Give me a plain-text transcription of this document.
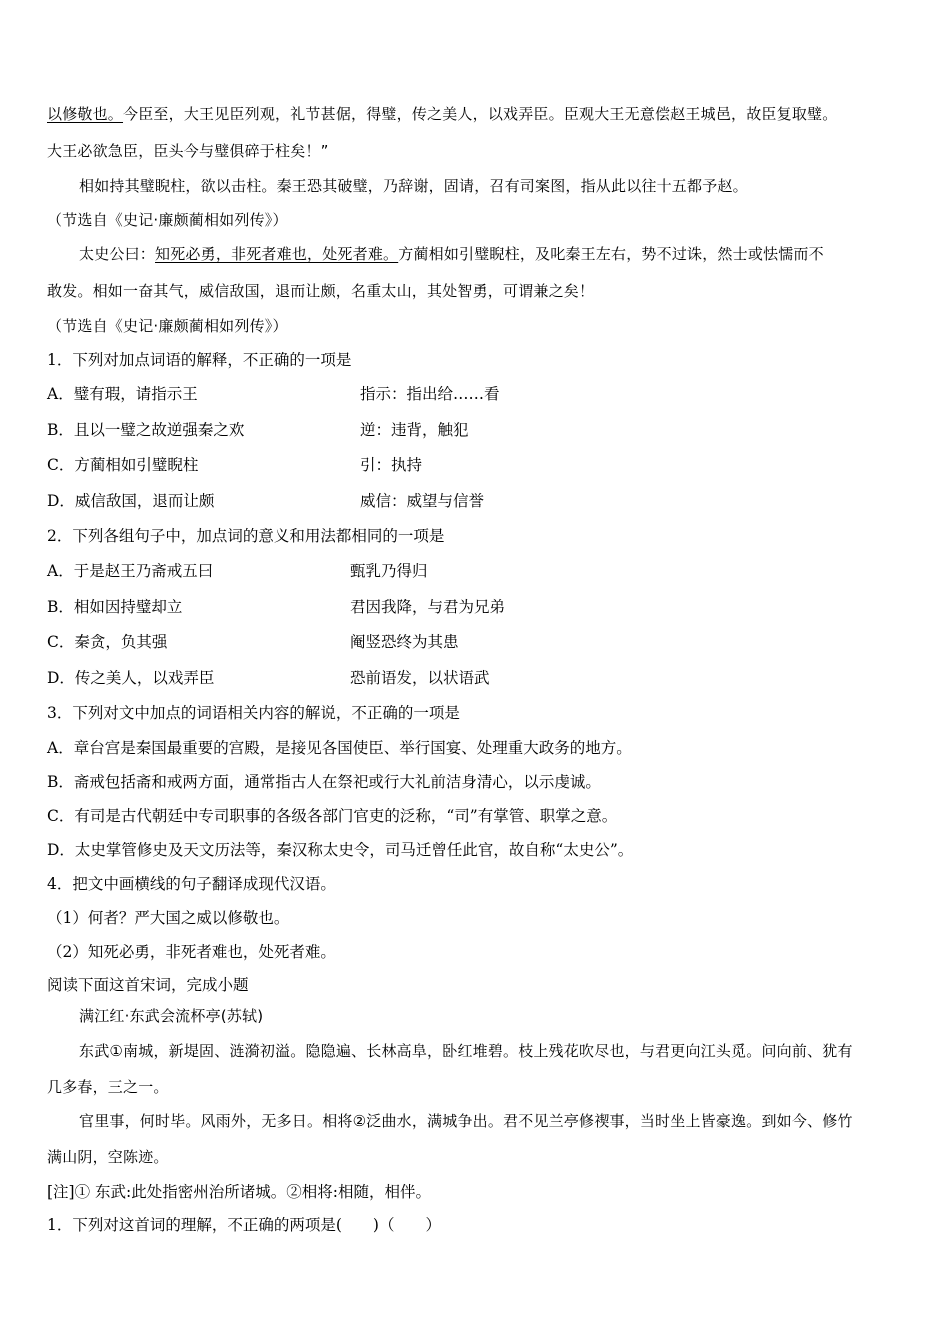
以修敬也。今臣至，大王见臣列观，礼节甚倨，得璧，传之美人，以戏弄臣。臣观大王无意偿赵王城邑，故臣复取璧。

大王必欲急臣，臣头今与璧俱碎于柱矣！”

相如持其璧睨柱，欲以击柱。秦王恐其破璧，乃辞谢，固请，召有司案图，指从此以往十五都予赵。

（节选自《史记·廉颇蔺相如列传》）

太史公曰：知死必勇，非死者难也，处死者难。方蔺相如引璧睨柱，及叱秦王左右，势不过诛，然士或怯懦而不

敢发。相如一奋其气，威信敌国，退而让颇，名重太山，其处智勇，可谓兼之矣！

（节选自《史记·廉颇蔺相如列传》）

1．下列对加点词语的解释，不正确的一项是

A．璧有瑕，请指示王	指示：指出给……看

B．且以一璧之故逆强秦之欢	逆：违背，触犯

C．方蔺相如引璧睨柱	引：执持

D．威信敌国，退而让颇	威信：威望与信誉

2．下列各组句子中，加点词的意义和用法都相同的一项是

A．于是赵王乃斋戒五曰	甄乳乃得归

B．相如因持璧却立	君因我降，与君为兄弟

C．秦贪，负其强	阉竖恐终为其患

D．传之美人，以戏弄臣	恐前语发，以状语武

3．下列对文中加点的词语相关内容的解说，不正确的一项是

A．章台宫是秦国最重要的宫殿，是接见各国使臣、举行国宴、处理重大政务的地方。

B．斋戒包括斋和戒两方面，通常指古人在祭祀或行大礼前洁身清心，以示虔诚。

C．有司是古代朝廷中专司职事的各级各部门官吏的泛称，“司”有掌管、职掌之意。

D．太史掌管修史及天文历法等，秦汉称太史令，司马迁曾任此官，故自称“太史公”。

4．把文中画横线的句子翻译成现代汉语。

（1）何者？严大国之威以修敬也。

（2）知死必勇，非死者难也，处死者难。

阅读下面这首宋词，完成小题

满江红·东武会流杯亭(苏轼)

东武①南城，新堤固、涟漪初溢。隐隐遍、长林高阜，卧红堆碧。枝上残花吹尽也，与君更向江头觅。问向前、犹有

几多春，三之一。

官里事，何时毕。风雨外，无多日。相将②泛曲水，满城争出。君不见兰亭修禊事，当时坐上皆豪逸。到如今、修竹

满山阴，空陈迹。

[注]① 东武:此处指密州治所诸城。②相将:相随，相伴。

1．下列对这首词的理解，不正确的两项是(　　)（　　）
